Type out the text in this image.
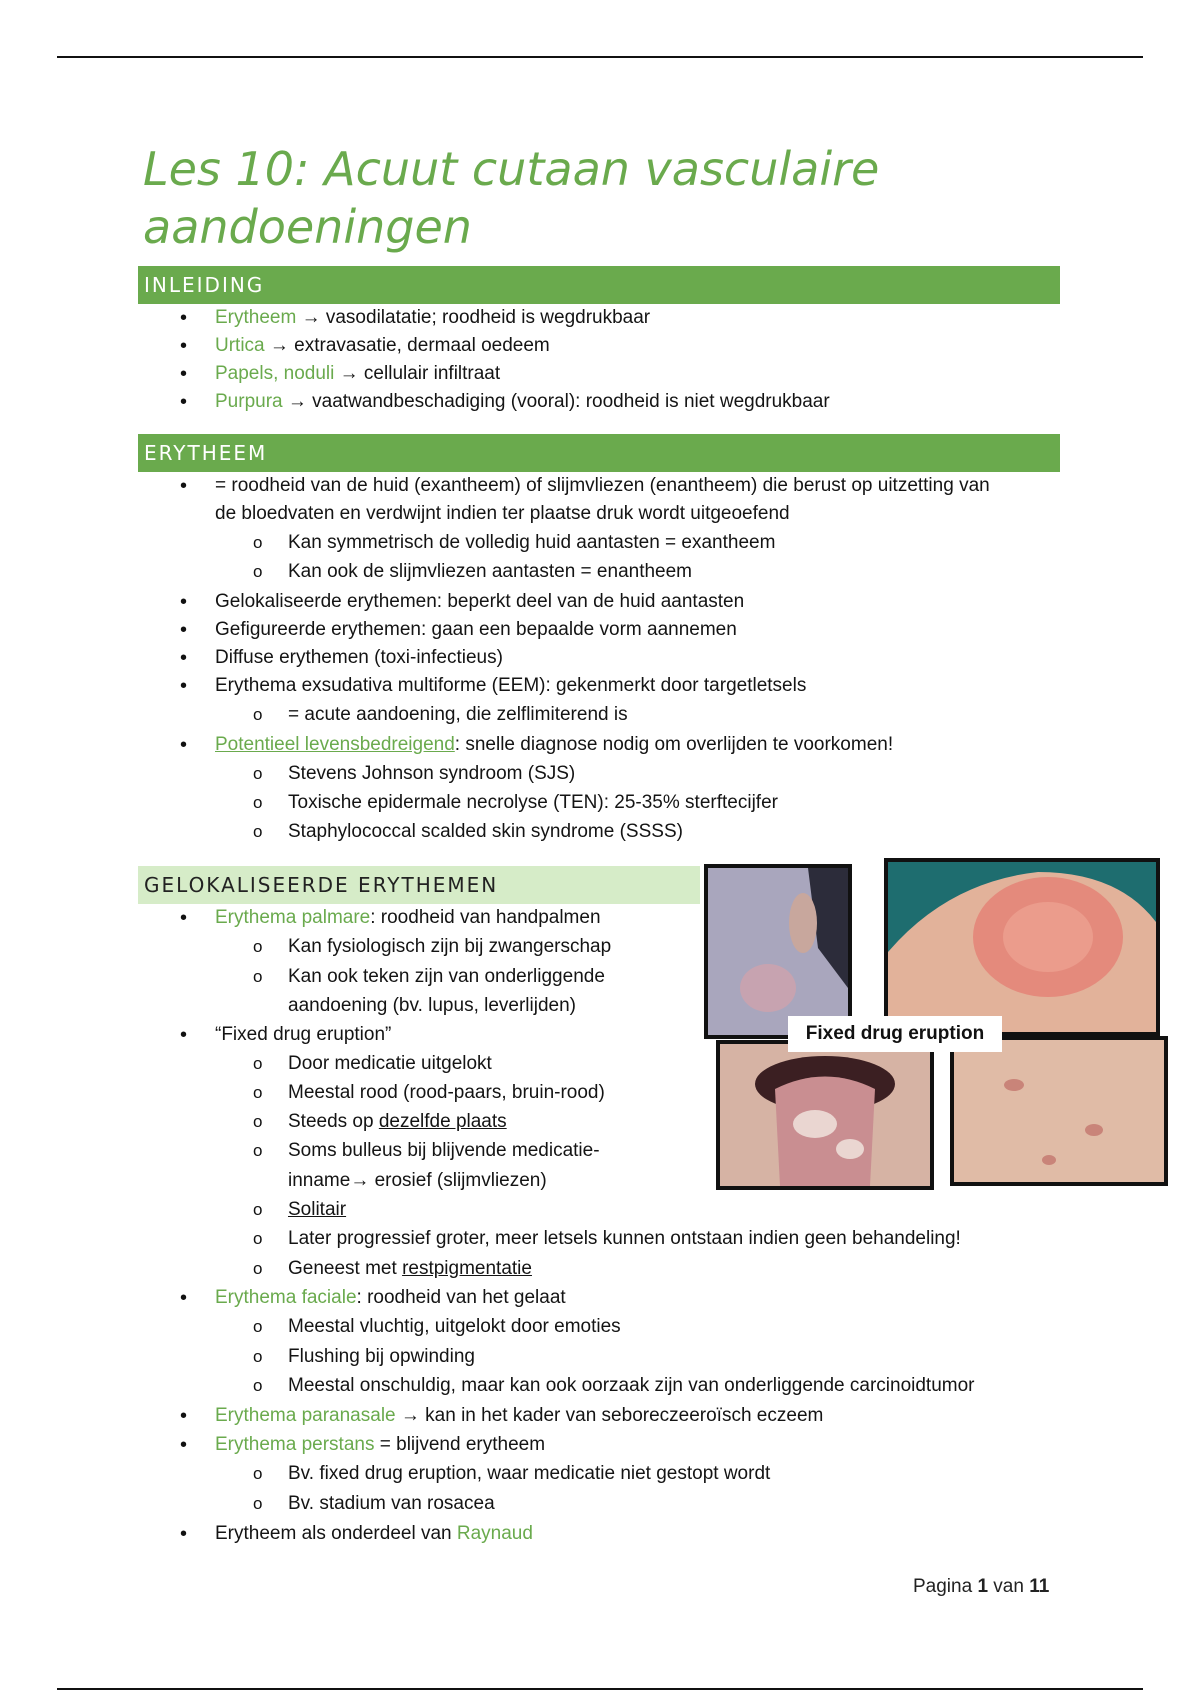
Les 10: Acuut cutaan vasculaire aandoeningen
INLEIDING
ERYTHEEM
GELOKALISEERDE ERYTHEMEN
• Erytheem → vasodilatatie; roodheid is wegdrukbaar
• Urtica → extravasatie, dermaal oedeem
• Papels, noduli → cellulair infiltraat
• Purpura → vaatwandbeschadiging (vooral): roodheid is niet wegdrukbaar
• = roodheid van de huid (exantheem) of slijmvliezen (enantheem) die berust op uitzetting van
de bloedvaten en verdwijnt indien ter plaatse druk wordt uitgeoefend
o Kan symmetrisch de volledig huid aantasten = exantheem
o Kan ook de slijmvliezen aantasten = enantheem
• Gelokaliseerde erythemen: beperkt deel van de huid aantasten
• Gefigureerde erythemen: gaan een bepaalde vorm aannemen
• Diffuse erythemen (toxi-infectieus)
• Erythema exsudativa multiforme (EEM): gekenmerkt door targetletsels
o = acute aandoening, die zelflimiterend is
• Potentieel levensbedreigend: snelle diagnose nodig om overlijden te voorkomen!
o Stevens Johnson syndroom (SJS)
o Toxische epidermale necrolyse (TEN): 25-35% sterftecijfer
o Staphylococcal scalded skin syndrome (SSSS)
• Erythema palmare: roodheid van handpalmen
o Kan fysiologisch zijn bij zwangerschap
o Kan ook teken zijn van onderliggende
aandoening (bv. lupus, leverlijden)
• “Fixed drug eruption”
o Door medicatie uitgelokt
o Meestal rood (rood-paars, bruin-rood)
o Steeds op dezelfde plaats
o Soms bulleus bij blijvende medicatie-
inname→ erosief (slijmvliezen)
o Solitair
o Later progressief groter, meer letsels kunnen ontstaan indien geen behandeling!
o Geneest met restpigmentatie
• Erythema faciale: roodheid van het gelaat
o Meestal vluchtig, uitgelokt door emoties
o Flushing bij opwinding
o Meestal onschuldig, maar kan ook oorzaak zijn van onderliggende carcinoidtumor
• Erythema paranasale → kan in het kader van seboreczeeroïsch eczeem
• Erythema perstans = blijvend erytheem
o Bv. fixed drug eruption, waar medicatie niet gestopt wordt
o Bv. stadium van rosacea
• Erytheem als onderdeel van Raynaud
Fixed drug eruption
Pagina 1 van 11
